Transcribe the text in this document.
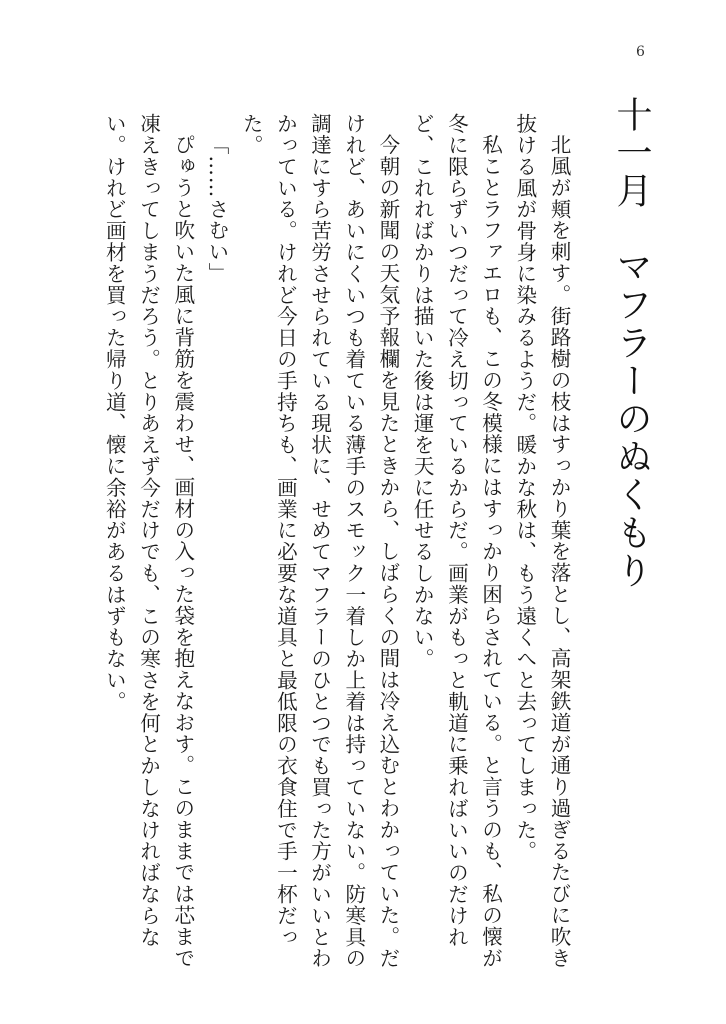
6
十一月　マフラーのぬくもり

北風が頬を刺す。街路樹の枝はすっかり葉を落とし、高架鉄道が通り過ぎるたびに吹き抜ける風が骨身に染みるようだ。暖かな秋は、もう遠くへと去ってしまった。

私ことラファエロも、この冬模様にはすっかり困らされている。と言うのも、私の懐が冬に限らずいつだって冷え切っているからだ。画業がもっと軌道に乗ればいいのだけれど、これればかりは描いた後は運を天に任せるしかない。

今朝の新聞の天気予報欄を見たときから、しばらくの間は冷え込むとわかっていた。だけれど、あいにくいつも着ている薄手のスモック一着しか上着は持っていない。防寒具の調達にすら苦労させられている現状に、せめてマフラーのひとつでも買った方がいいとわかっている。けれど今日の手持ちも、画業に必要な道具と最低限の衣食住で手一杯だった。

「……さむい」

ぴゅうと吹いた風に背筋を震わせ、画材の入った袋を抱えなおす。このままでは芯まで凍えきってしまうだろう。とりあえず今だけでも、この寒さを何とかしなければならない。けれど画材を買った帰り道、懐に余裕があるはずもない。
